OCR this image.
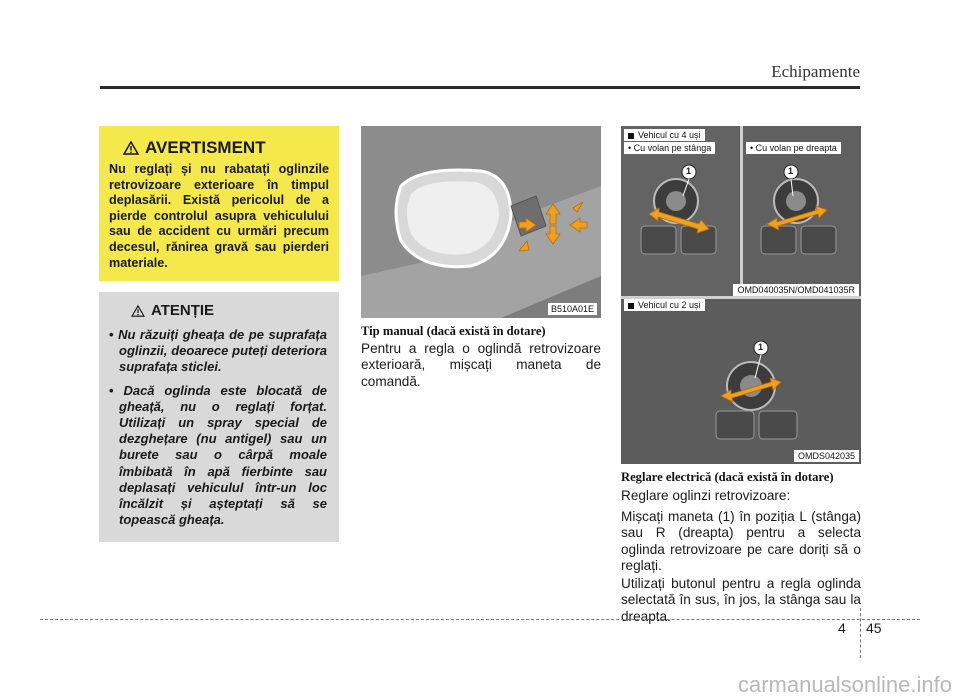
Echipamente
AVERTISMENT
Nu reglați și nu rabatați oglinzile retrovizoare exterioare în timpul deplasării. Există pericolul de a pierde controlul asupra vehiculului sau de accident cu urmări precum decesul, rănirea gravă sau pierderi materiale.
ATENȚIE
• Nu răzuiți gheața de pe suprafața oglinzii, deoarece puteți deteriora suprafața sticlei.
• Dacă oglinda este blocată de gheață, nu o reglați forțat. Utilizați un spray special de dezghețare (nu antigel) sau un burete sau o cârpă moale îmbibată în apă fierbinte sau deplasați vehiculul într-un loc încălzit și așteptați să se topească gheața.
B510A01E
Tip manual (dacă există în dotare)
Pentru a regla o oglindă retrovizoare exterioară, mișcați maneta de comandă.
1	1
1
Vehicul cu 4 uși
• Cu volan pe stânga	• Cu volan pe dreapta
OMD040035N/OMD041035R
Vehicul cu 2 uși
OMDS042035
Reglare electrică (dacă există în dotare)
Reglare oglinzi retrovizoare:
Mișcați maneta (1) în poziția L (stânga) sau R (dreapta) pentru a selecta oglinda retrovizoare pe care doriți să o reglați.
Utilizați butonul pentru a regla oglinda selectată în sus, în jos, la stânga sau la dreapta.
4 45
carmanualsonline.info
